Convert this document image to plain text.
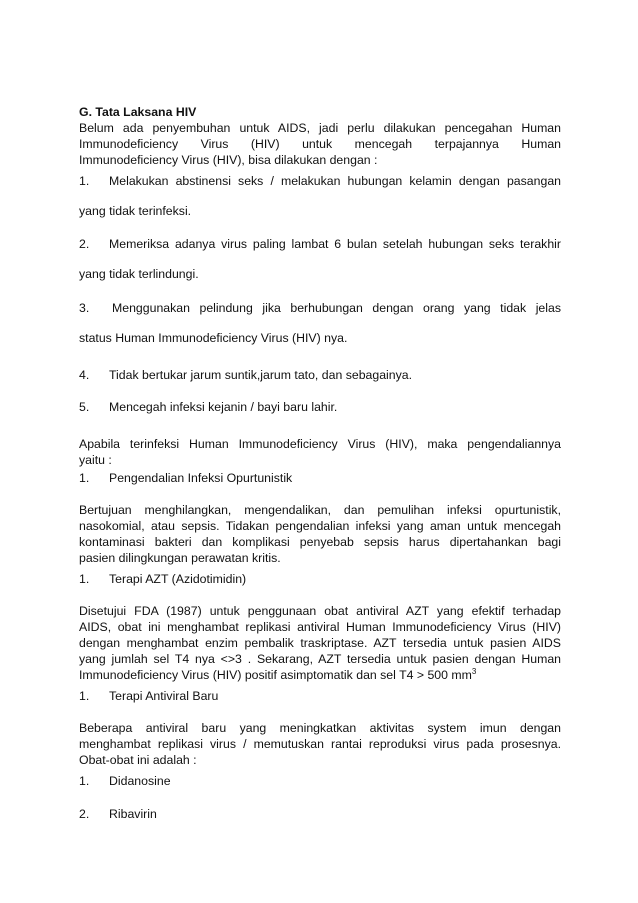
G. Tata Laksana HIV
Belum ada penyembuhan untuk AIDS, jadi perlu dilakukan pencegahan Human
Immunodeficiency Virus (HIV) untuk mencegah terpajannya Human
Immunodeficiency Virus (HIV), bisa dilakukan dengan :
1. Melakukan abstinensi seks / melakukan hubungan kelamin dengan pasangan
yang tidak terinfeksi.
2. Memeriksa adanya virus paling lambat 6 bulan setelah hubungan seks terakhir
yang tidak terlindungi.
3. Menggunakan pelindung jika berhubungan dengan orang yang tidak jelas
status Human Immunodeficiency Virus (HIV) nya.
4. Tidak bertukar jarum suntik,jarum tato, dan sebagainya.
5. Mencegah infeksi kejanin / bayi baru lahir.
Apabila terinfeksi Human Immunodeficiency Virus (HIV), maka pengendaliannya
yaitu :
1. Pengendalian Infeksi Opurtunistik
Bertujuan menghilangkan, mengendalikan, dan pemulihan infeksi opurtunistik,
nasokomial, atau sepsis. Tidakan pengendalian infeksi yang aman untuk mencegah
kontaminasi bakteri dan komplikasi penyebab sepsis harus dipertahankan bagi
pasien dilingkungan perawatan kritis.
1. Terapi AZT (Azidotimidin)
Disetujui FDA (1987) untuk penggunaan obat antiviral AZT yang efektif terhadap
AIDS, obat ini menghambat replikasi antiviral Human Immunodeficiency Virus (HIV)
dengan menghambat enzim pembalik traskriptase. AZT tersedia untuk pasien AIDS
yang jumlah sel T4 nya <>3 . Sekarang, AZT tersedia untuk pasien dengan Human
Immunodeficiency Virus (HIV) positif asimptomatik dan sel T4 > 500 $mm^3$
1. Terapi Antiviral Baru
Beberapa antiviral baru yang meningkatkan aktivitas system imun dengan
menghambat replikasi virus / memutuskan rantai reproduksi virus pada prosesnya.
Obat-obat ini adalah :
1. Didanosine
2. Ribavirin
